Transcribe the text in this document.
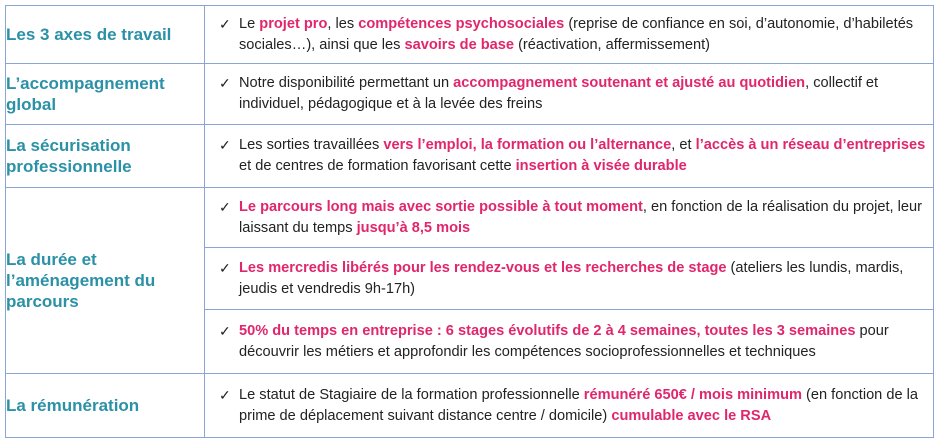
Les 3 axes de travail	✓ Le projet pro, les compétences psychosociales (reprise de confiance en soi, d’autonomie, d’habiletés sociales…), ainsi que les savoirs de base (réactivation, affermissement)

L’accompagnement global	✓ Notre disponibilité permettant un accompagnement soutenant et ajusté au quotidien, collectif et individuel, pédagogique et à la levée des freins

La sécurisation professionnelle	✓ Les sorties travaillées vers l’emploi, la formation ou l’alternance, et l’accès à un réseau d’entreprises et de centres de formation favorisant cette insertion à visée durable

La durée et l’aménagement du parcours	✓ Le parcours long mais avec sortie possible à tout moment, en fonction de la réalisation du projet, leur laissant du temps jusqu’à 8,5 mois

	✓ Les mercredis libérés pour les rendez-vous et les recherches de stage (ateliers les lundis, mardis, jeudis et vendredis 9h-17h)

	✓ 50% du temps en entreprise : 6 stages évolutifs de 2 à 4 semaines, toutes les 3 semaines pour découvrir les métiers et approfondir les compétences socioprofessionnelles et techniques

La rémunération	✓ Le statut de Stagiaire de la formation professionnelle rémunéré 650€ / mois minimum (en fonction de la prime de déplacement suivant distance centre / domicile) cumulable avec le RSA
